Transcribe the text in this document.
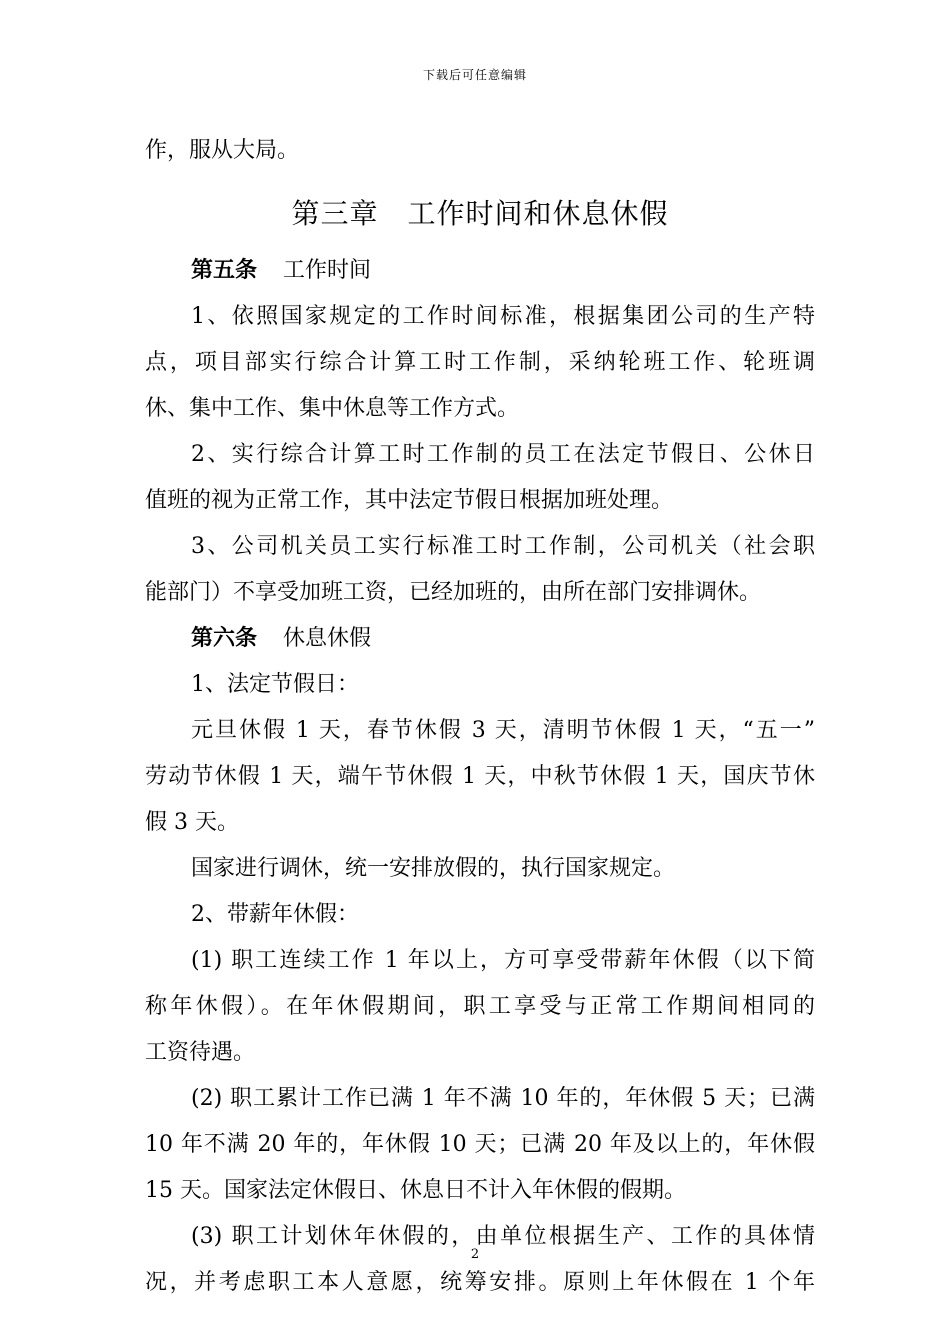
下载后可任意编辑
作，服从大局。
第三章　工作时间和休息休假
第五条 工作时间
1、依照国家规定的工作时间标准，根据集团公司的生产特
点，项目部实行综合计算工时工作制，采纳轮班工作、轮班调
休、集中工作、集中休息等工作方式。
2、实行综合计算工时工作制的员工在法定节假日、公休日
值班的视为正常工作，其中法定节假日根据加班处理。
3、公司机关员工实行标准工时工作制，公司机关（社会职
能部门）不享受加班工资，已经加班的，由所在部门安排调休。
第六条 休息休假
1、法定节假日：
元旦休假 1 天，春节休假 3 天，清明节休假 1 天，“五一”
劳动节休假 1 天，端午节休假 1 天，中秋节休假 1 天，国庆节休
假 3 天。
国家进行调休，统一安排放假的，执行国家规定。
2、带薪年休假：
(1) 职工连续工作 1 年以上，方可享受带薪年休假（以下简
称年休假）。在年休假期间，职工享受与正常工作期间相同的
工资待遇。
(2) 职工累计工作已满 1 年不满 10 年的，年休假 5 天；已满
10 年不满 20 年的，年休假 10 天；已满 20 年及以上的，年休假
15 天。国家法定休假日、休息日不计入年休假的假期。
(3) 职工计划休年休假的，由单位根据生产、工作的具体情
况，并考虑职工本人意愿，统筹安排。原则上年休假在 1 个年
2
